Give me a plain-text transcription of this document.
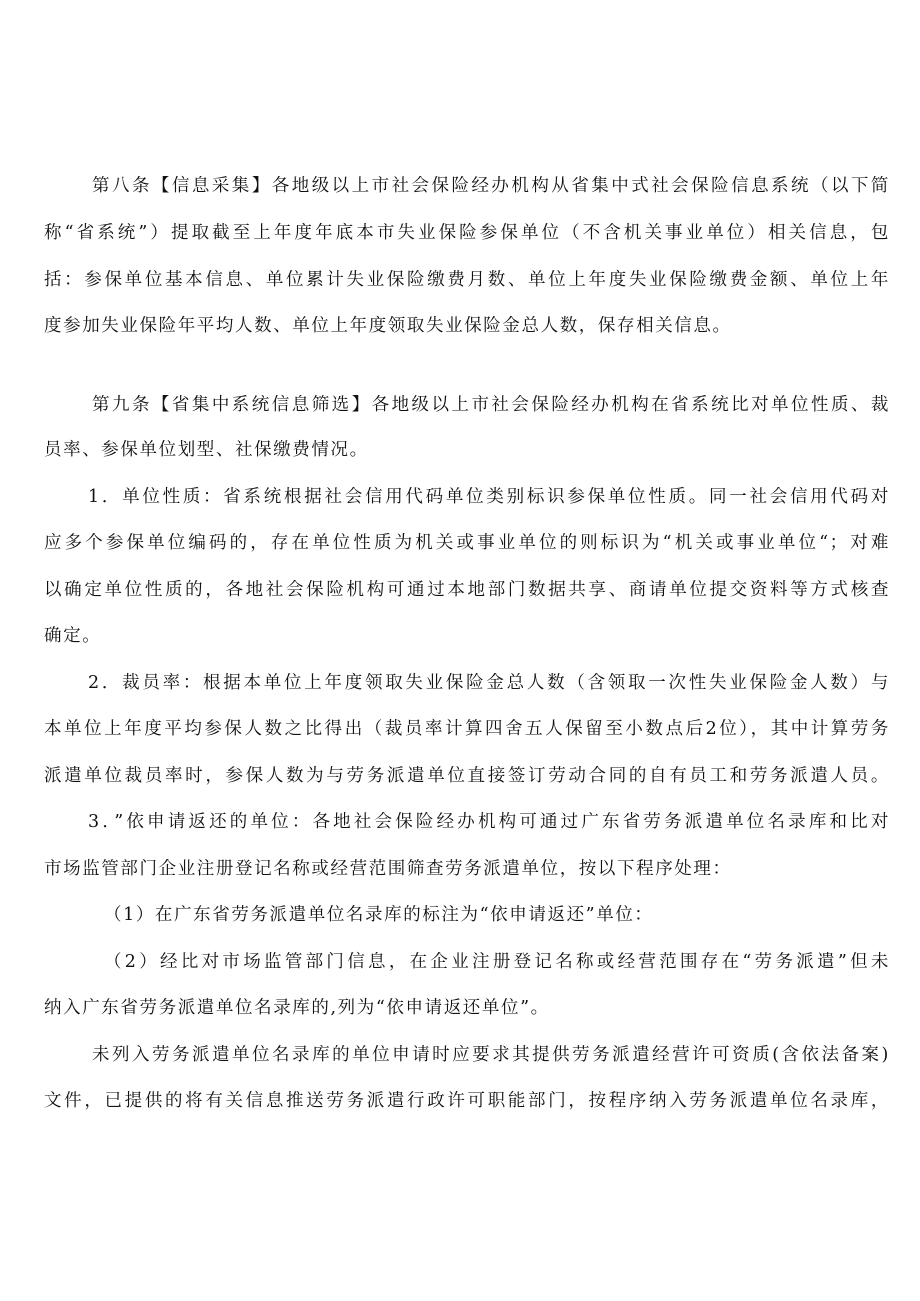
第八条【信息采集】各地级以上市社会保险经办机构从省集中式社会保险信息系统（以下简
称“省系统”）提取截至上年度年底本市失业保险参保单位（不含机关事业单位）相关信息，包
括：参保单位基本信息、单位累计失业保险缴费月数、单位上年度失业保险缴费金额、单位上年
度参加失业保险年平均人数、单位上年度领取失业保险金总人数，保存相关信息。
第九条【省集中系统信息筛选】各地级以上市社会保险经办机构在省系统比对单位性质、裁
员率、参保单位划型、社保缴费情况。
1．单位性质：省系统根据社会信用代码单位类别标识参保单位性质。同一社会信用代码对
应多个参保单位编码的，存在单位性质为机关或事业单位的则标识为“机关或事业单位“；对难
以确定单位性质的，各地社会保险机构可通过本地部门数据共享、商请单位提交资料等方式核查
确定。
2．裁员率：根据本单位上年度领取失业保险金总人数（含领取一次性失业保险金人数）与
本单位上年度平均参保人数之比得出（裁员率计算四舍五人保留至小数点后2位），其中计算劳务
派遣单位裁员率时，参保人数为与劳务派遣单位直接签订劳动合同的自有员工和劳务派遣人员。
3．”依申请返还的单位：各地社会保险经办机构可通过广东省劳务派遣单位名录库和比对
市场监管部门企业注册登记名称或经营范围筛查劳务派遣单位，按以下程序处理：
（1）在广东省劳务派遣单位名录库的标注为“依申请返还”单位：
（2）经比对市场监管部门信息，在企业注册登记名称或经营范围存在“劳务派遣”但未
纳入广东省劳务派遣单位名录库的,列为“依申请返还单位”。
未列入劳务派遣单位名录库的单位申请时应要求其提供劳务派遣经营许可资质(含依法备案)
文件，已提供的将有关信息推送劳务派遣行政许可职能部门，按程序纳入劳务派遣单位名录库，
